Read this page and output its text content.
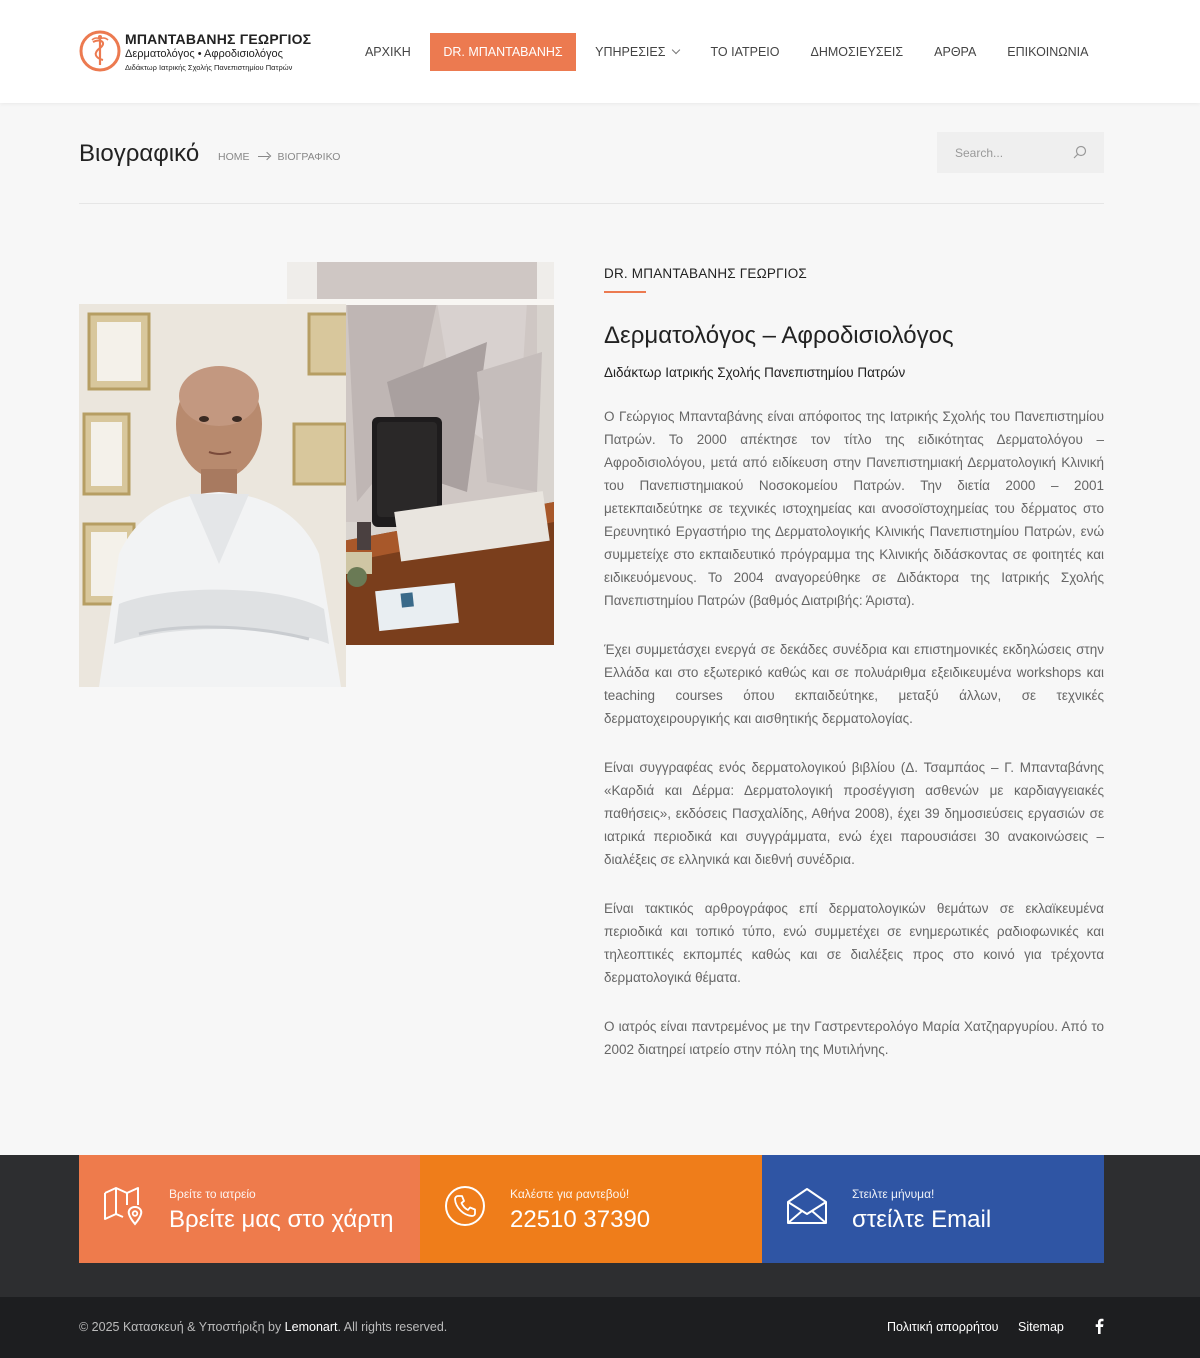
ΜΠΑΝΤΑΒΑΝΗΣ ΓΕΩΡΓΙΟΣ
Δερματολόγος • Αφροδισιολόγος
Διδάκτωρ Ιατρικής Σχολής Πανεπιστημίου Πατρών
ΑΡΧΙΚΗ	DR. ΜΠΑΝΤΑΒΑΝΗΣ	ΥΠΗΡΕΣΙΕΣ	ΤΟ ΙΑΤΡΕΙΟ ΔΗΜΟΣΙΕΥΣΕΙΣ ΑΡΘΡΑ ΕΠΙΚΟΙΝΩΝΙΑ
Βιογραφικό HOME	ΒΙΟΓΡΑΦΙΚΟ
Search...
DR. ΜΠΑΝΤΑΒΑΝΗΣ ΓΕΩΡΓΙΟΣ
Δερματολόγος – Αφροδισιολόγος
Διδάκτωρ Ιατρικής Σχολής Πανεπιστημίου Πατρών

Ο Γεώργιος Μπανταβάνης είναι απόφοιτος της Ιατρικής Σχολής του Πανεπιστημίου Πατρών. Το 2000 απέκτησε τον τίτλο της ειδικότητας Δερματολόγου – Αφροδισιολόγου, μετά από ειδίκευση στην Πανεπιστημιακή Δερματολογική Κλινική του Πανεπιστημιακού Νοσοκομείου Πατρών. Την διετία 2000 – 2001 μετεκπαιδεύτηκε σε τεχνικές ιστοχημείας και ανοσοϊστοχημείας του δέρματος στο Ερευνητικό Εργαστήριο της Δερματολογικής Κλινικής Πανεπιστημίου Πατρών, ενώ συμμετείχε στο εκπαιδευτικό πρόγραμμα της Κλινικής διδάσκοντας σε φοιτητές και ειδικευόμενους. Το 2004 αναγορεύθηκε σε Διδάκτορα της Ιατρικής Σχολής Πανεπιστημίου Πατρών (βαθμός Διατριβής: Άριστα).

Έχει συμμετάσχει ενεργά σε δεκάδες συνέδρια και επιστημονικές εκδηλώσεις στην Ελλάδα και στο εξωτερικό καθώς και σε πολυάριθμα εξειδικευμένα workshops και teaching courses όπου εκπαιδεύτηκε, μεταξύ άλλων, σε τεχνικές δερματοχειρουργικής και αισθητικής δερματολογίας.

Είναι συγγραφέας ενός δερματολογικού βιβλίου (Δ. Τσαμπάος – Γ. Μπανταβάνης «Καρδιά και Δέρμα: Δερματολογική προσέγγιση ασθενών με καρδιαγγειακές παθήσεις», εκδόσεις Πασχαλίδης, Αθήνα 2008), έχει 39 δημοσιεύσεις εργασιών σε ιατρικά περιοδικά και συγγράμματα, ενώ έχει παρουσιάσει 30 ανακοινώσεις – διαλέξεις σε ελληνικά και διεθνή συνέδρια.

Είναι τακτικός αρθρογράφος επί δερματολογικών θεμάτων σε εκλαϊκευμένα περιοδικά και τοπικό τύπο, ενώ συμμετέχει σε ενημερωτικές ραδιοφωνικές και τηλεοπτικές εκπομπές καθώς και σε διαλέξεις προς στο κοινό για τρέχοντα δερματολογικά θέματα.

Ο ιατρός είναι παντρεμένος με την Γαστρεντερολόγο Μαρία Χατζηαργυρίου. Από το 2002 διατηρεί ιατρείο στην πόλη της Μυτιλήνης.

Βρείτε το ιατρείο
Βρείτε μας στο χάρτη
Καλέστε για ραντεβού!
22510 37390
Στειλτε μήνυμα!
στείλτε Email
© 2025 Κατασκευή & Υποστήριξη by Lemonart. All rights reserved.	Πολιτική απορρήτου Sitemap
